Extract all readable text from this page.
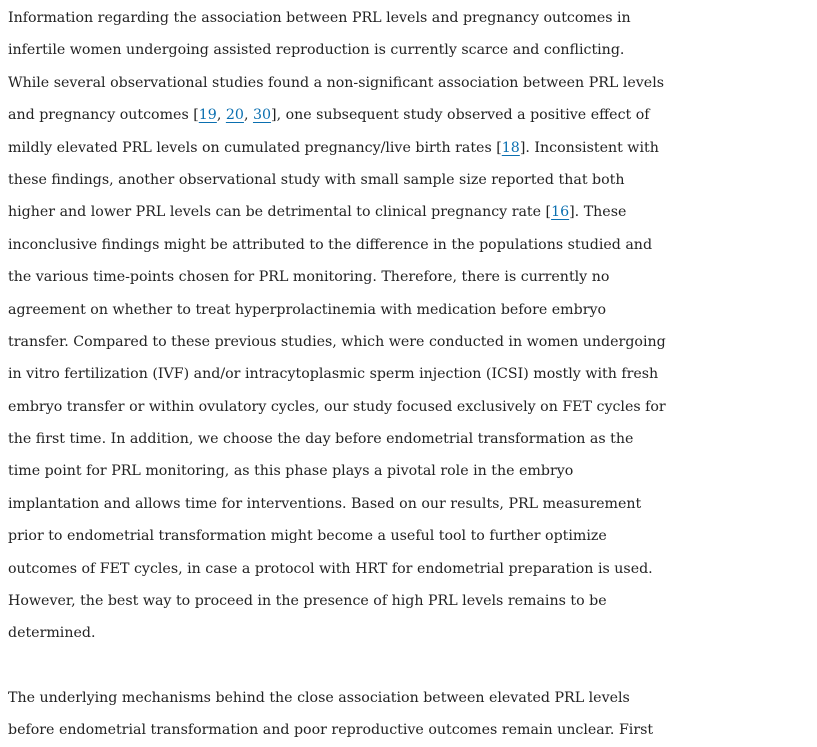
Information regarding the association between PRL levels and pregnancy outcomes in
infertile women undergoing assisted reproduction is currently scarce and conflicting.
While several observational studies found a non-significant association between PRL levels
and pregnancy outcomes [19, 20, 30], one subsequent study observed a positive effect of
mildly elevated PRL levels on cumulated pregnancy/live birth rates [18]. Inconsistent with
these findings, another observational study with small sample size reported that both
higher and lower PRL levels can be detrimental to clinical pregnancy rate [16]. These
inconclusive findings might be attributed to the difference in the populations studied and
the various time-points chosen for PRL monitoring. Therefore, there is currently no
agreement on whether to treat hyperprolactinemia with medication before embryo
transfer. Compared to these previous studies, which were conducted in women undergoing
in vitro fertilization (IVF) and/or intracytoplasmic sperm injection (ICSI) mostly with fresh
embryo transfer or within ovulatory cycles, our study focused exclusively on FET cycles for
the first time. In addition, we choose the day before endometrial transformation as the
time point for PRL monitoring, as this phase plays a pivotal role in the embryo
implantation and allows time for interventions. Based on our results, PRL measurement
prior to endometrial transformation might become a useful tool to further optimize
outcomes of FET cycles, in case a protocol with HRT for endometrial preparation is used.
However, the best way to proceed in the presence of high PRL levels remains to be
determined.

The underlying mechanisms behind the close association between elevated PRL levels
before endometrial transformation and poor reproductive outcomes remain unclear. First
